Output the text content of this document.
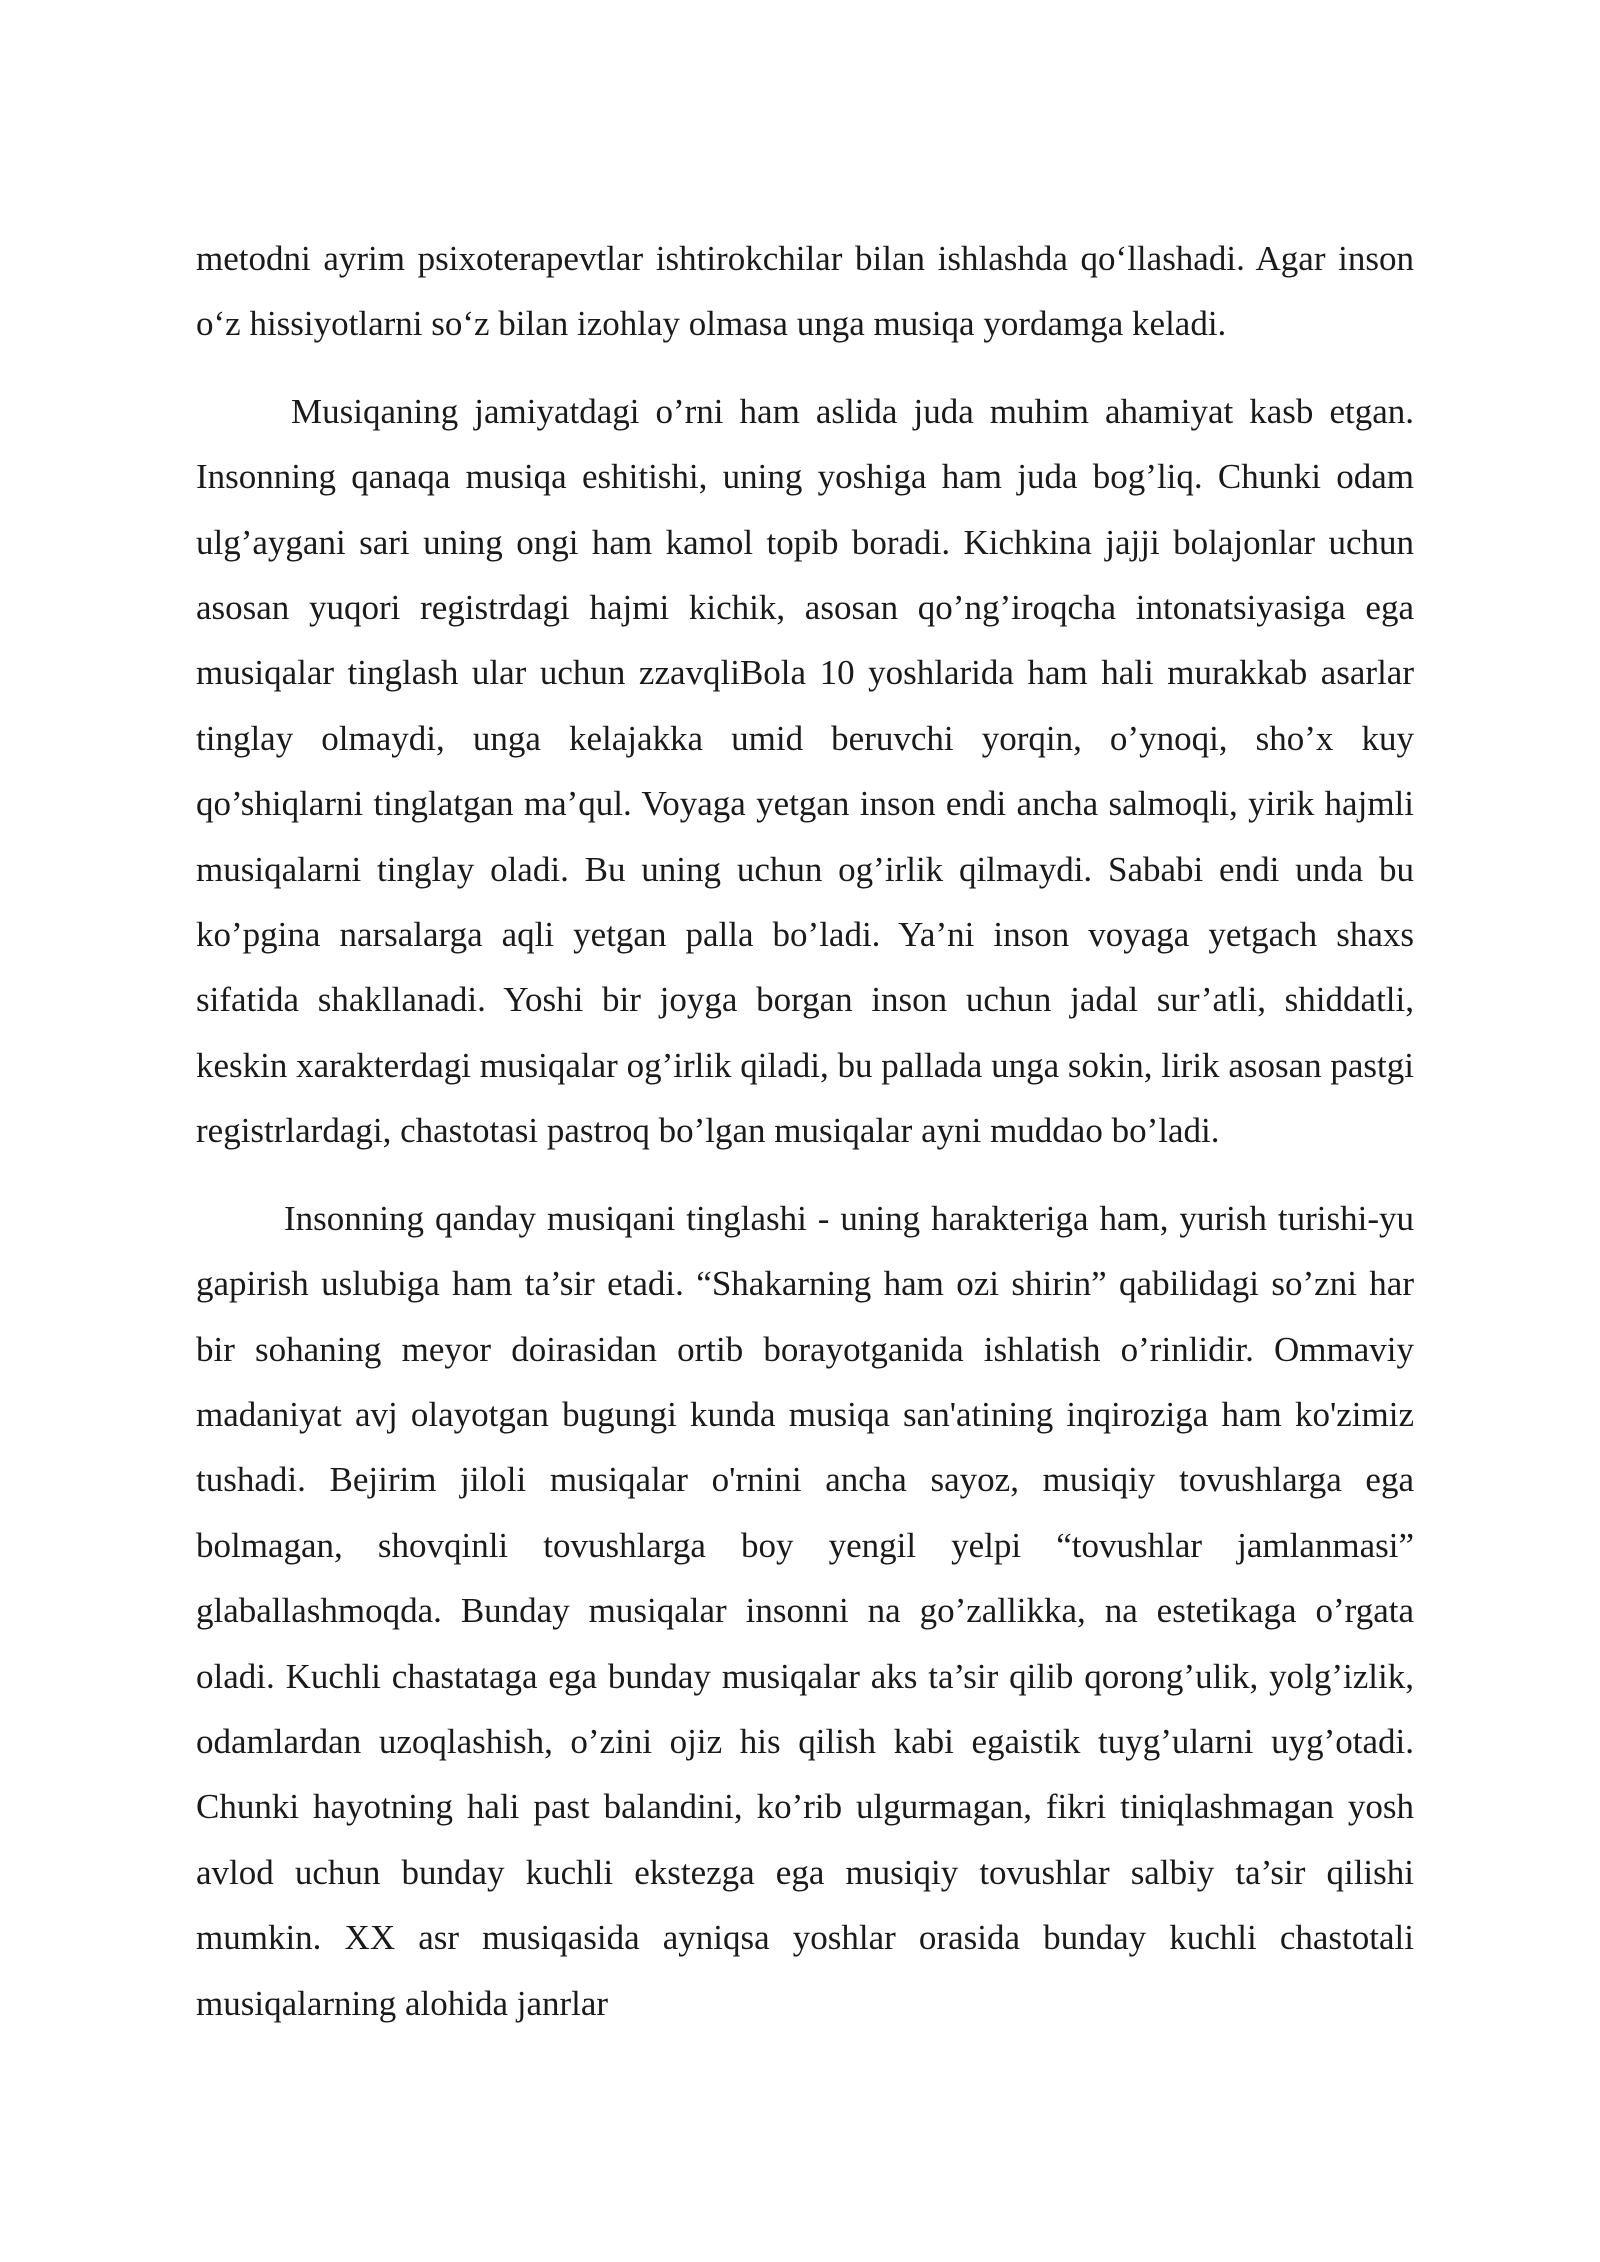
metodni ayrim psixoterapevtlar ishtirokchilar bilan ishlashda qo‘llashadi. Agar inson o‘z hissiyotlarni so‘z bilan izohlay olmasa unga musiqa yordamga keladi.

Musiqaning jamiyatdagi o’rni ham aslida juda muhim ahamiyat kasb etgan. Insonning qanaqa musiqa eshitishi, uning yoshiga ham juda bog’liq. Chunki odam ulg’aygani sari uning ongi ham kamol topib boradi. Kichkina jajji bolajonlar uchun asosan yuqori registrdagi hajmi kichik, asosan qo’ng’iroqcha intonatsiyasiga ega musiqalar tinglash ular uchun zzavqliBola 10 yoshlarida ham hali murakkab asarlar tinglay olmaydi, unga kelajakka umid beruvchi yorqin, o’ynoqi, sho’x kuy qo’shiqlarni tinglatgan ma’qul. Voyaga yetgan inson endi ancha salmoqli, yirik hajmli musiqalarni tinglay oladi. Bu uning uchun og’irlik qilmaydi. Sababi endi unda bu ko’pgina narsalarga aqli yetgan palla bo’ladi. Ya’ni inson voyaga yetgach shaxs sifatida shakllanadi. Yoshi bir joyga borgan inson uchun jadal sur’atli, shiddatli, keskin xarakterdagi musiqalar og’irlik qiladi, bu pallada unga sokin, lirik asosan pastgi registrlardagi, chastotasi pastroq bo’lgan musiqalar ayni muddao bo’ladi.

Insonning qanday musiqani tinglashi - uning harakteriga ham, yurish turishi-yu gapirish uslubiga ham ta’sir etadi. “Shakarning ham ozi shirin” qabilidagi so’zni har bir sohaning meyor doirasidan ortib borayotganida ishlatish o’rinlidir. Ommaviy madaniyat avj olayotgan bugungi kunda musiqa san'atining inqiroziga ham ko'zimiz tushadi. Bejirim jiloli musiqalar o'rnini ancha sayoz, musiqiy tovushlarga ega bolmagan, shovqinli tovushlarga boy yengil yelpi “tovushlar jamlanmasi” glaballashmoqda. Bunday musiqalar insonni na go’zallikka, na estetikaga o’rgata oladi. Kuchli chastataga ega bunday musiqalar aks ta’sir qilib qorong’ulik, yolg’izlik, odamlardan uzoqlashish, o’zini ojiz his qilish kabi egaistik tuyg’ularni uyg’otadi. Chunki hayotning hali past balandini, ko’rib ulgurmagan, fikri tiniqlashmagan yosh avlod uchun bunday kuchli ekstezga ega musiqiy tovushlar salbiy ta’sir qilishi mumkin. XX asr musiqasida ayniqsa yoshlar orasida bunday kuchli chastotali musiqalarning alohida janrlar
